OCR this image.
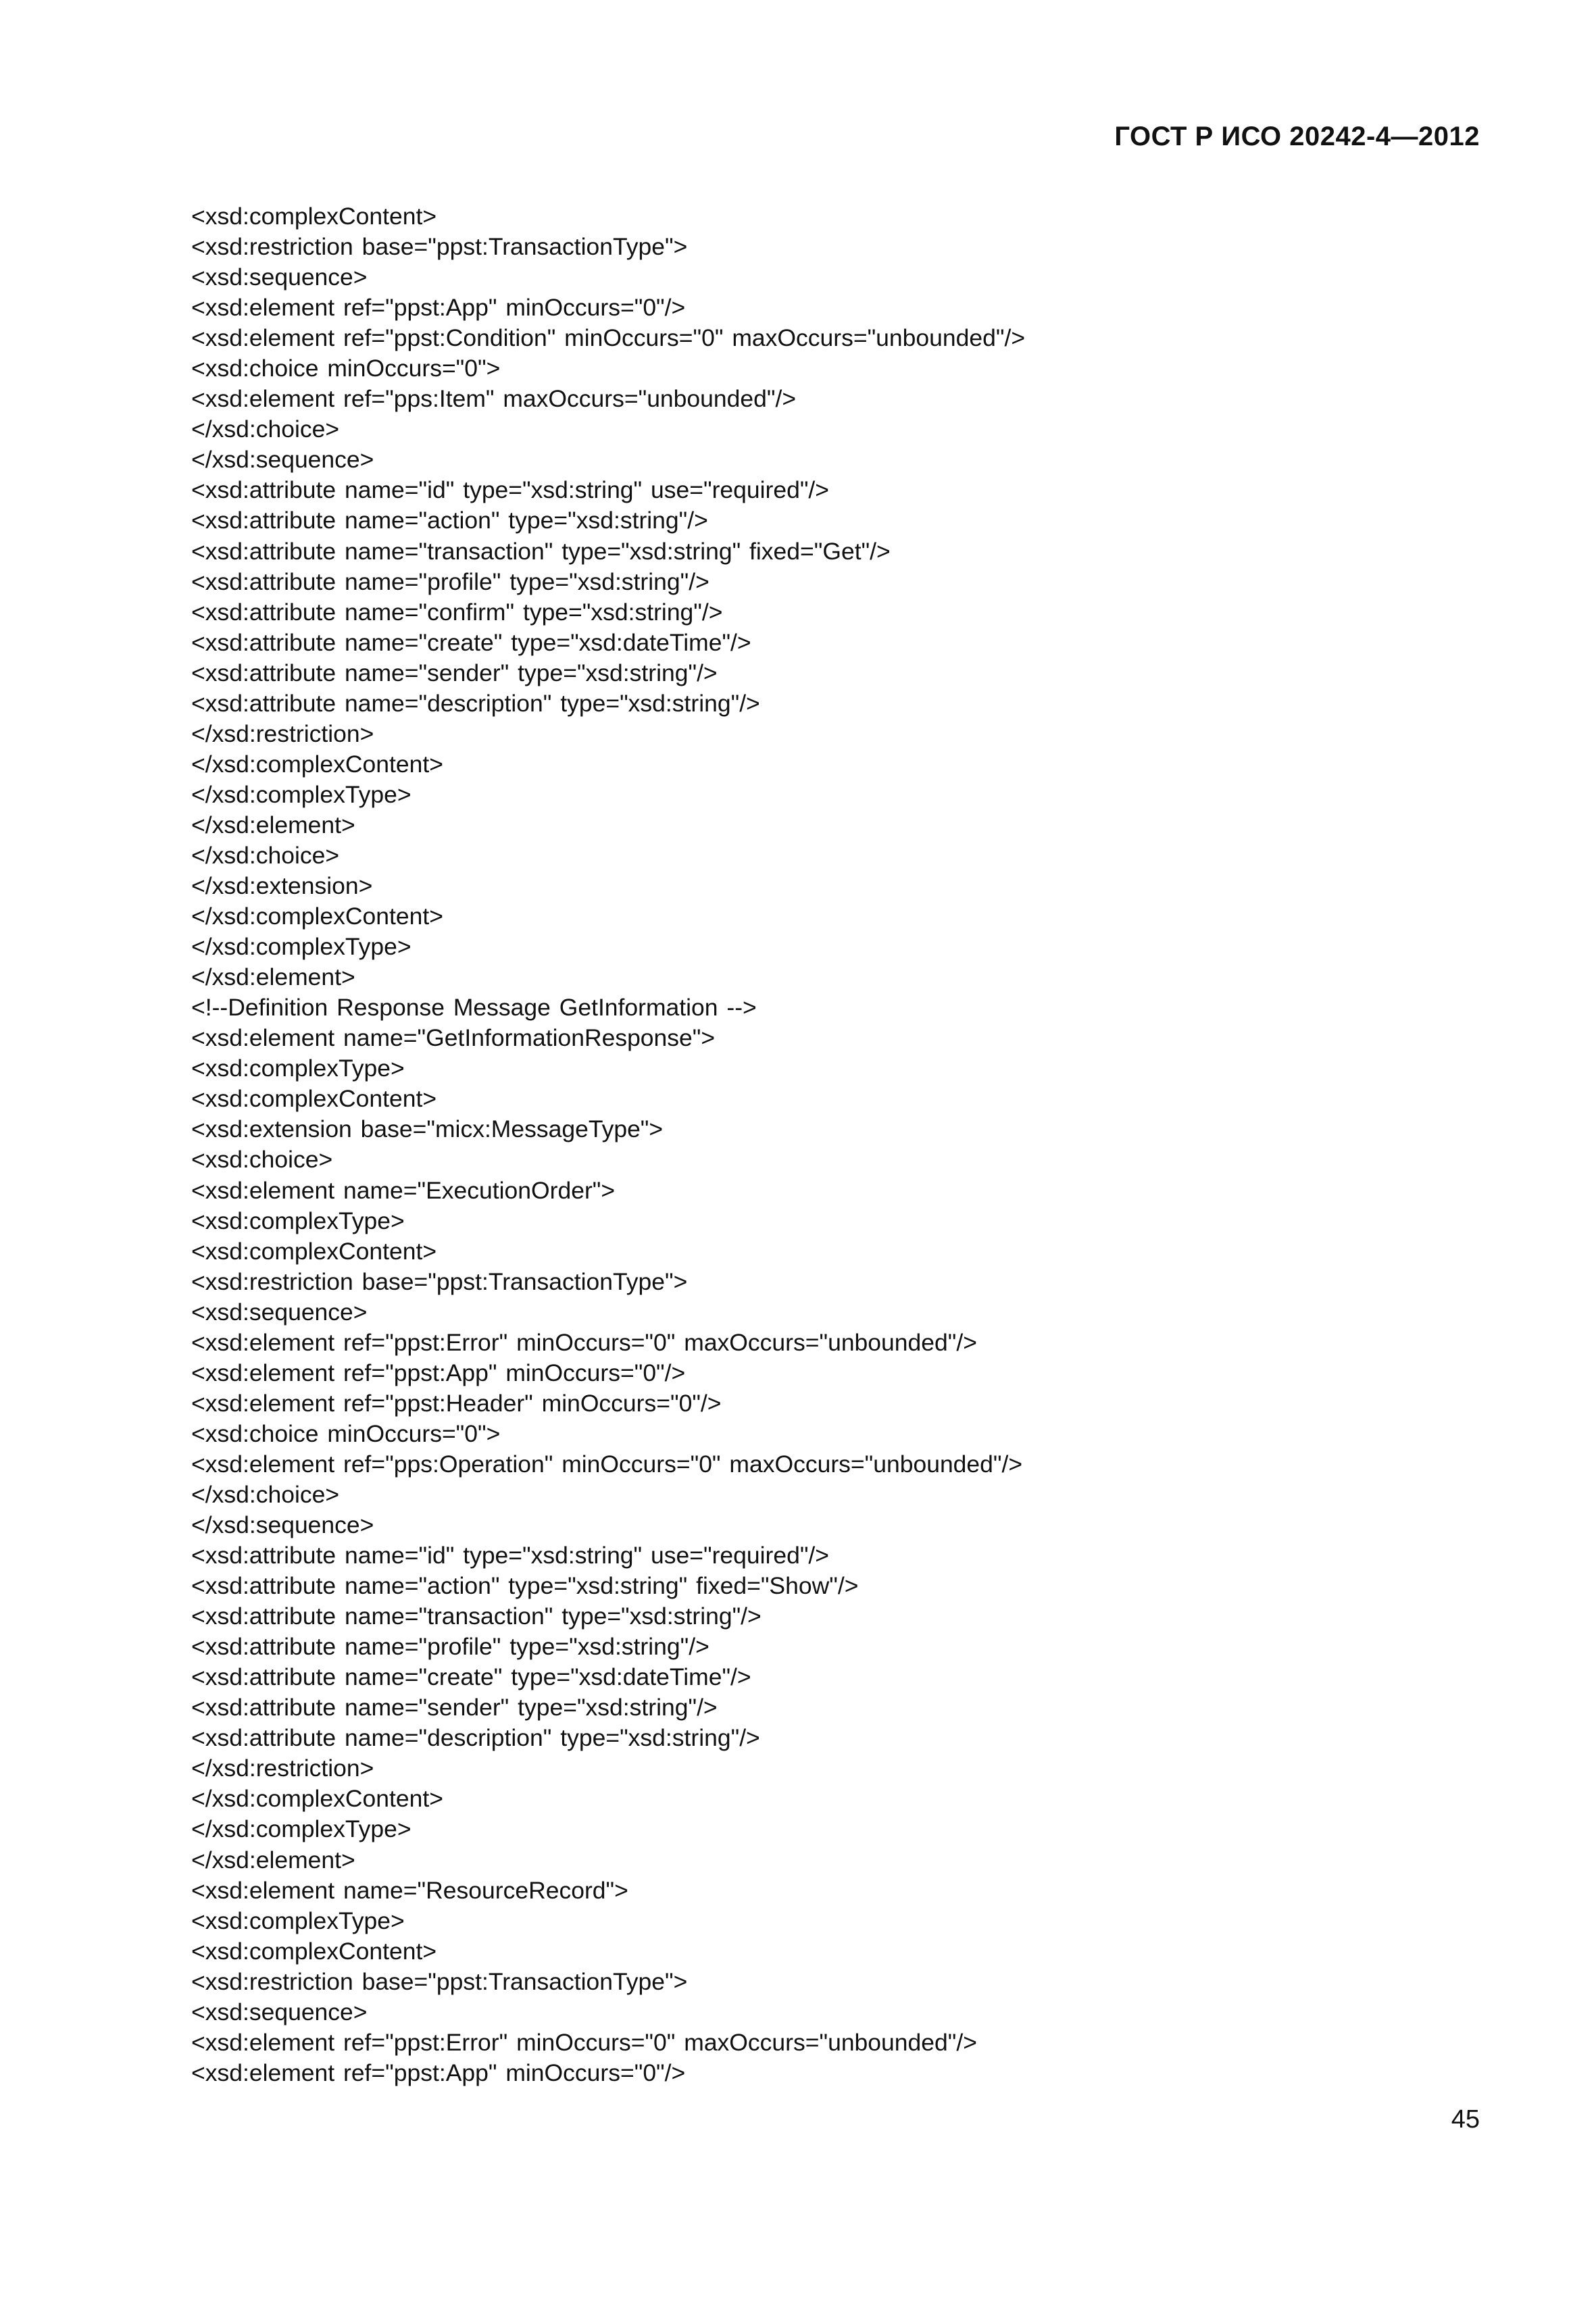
ГОСТ Р ИСО 20242-4—2012
<xsd:complexContent>
<xsd:restriction base="ppst:TransactionType">
<xsd:sequence>
<xsd:element ref="ppst:App" minOccurs="0"/>
<xsd:element ref="ppst:Condition" minOccurs="0" maxOccurs="unbounded"/>
<xsd:choice minOccurs="0">
<xsd:element ref="pps:Item" maxOccurs="unbounded"/>
</xsd:choice>
</xsd:sequence>
<xsd:attribute name="id" type="xsd:string" use="required"/>
<xsd:attribute name="action" type="xsd:string"/>
<xsd:attribute name="transaction" type="xsd:string" fixed="Get"/>
<xsd:attribute name="profile" type="xsd:string"/>
<xsd:attribute name="confirm" type="xsd:string"/>
<xsd:attribute name="create" type="xsd:dateTime"/>
<xsd:attribute name="sender" type="xsd:string"/>
<xsd:attribute name="description" type="xsd:string"/>
</xsd:restriction>
</xsd:complexContent>
</xsd:complexType>
</xsd:element>
</xsd:choice>
</xsd:extension>
</xsd:complexContent>
</xsd:complexType>
</xsd:element>
<!--Definition Response Message GetInformation -->
<xsd:element name="GetInformationResponse">
<xsd:complexType>
<xsd:complexContent>
<xsd:extension base="micx:MessageType">
<xsd:choice>
<xsd:element name="ExecutionOrder">
<xsd:complexType>
<xsd:complexContent>
<xsd:restriction base="ppst:TransactionType">
<xsd:sequence>
<xsd:element ref="ppst:Error" minOccurs="0" maxOccurs="unbounded"/>
<xsd:element ref="ppst:App" minOccurs="0"/>
<xsd:element ref="ppst:Header" minOccurs="0"/>
<xsd:choice minOccurs="0">
<xsd:element ref="pps:Operation" minOccurs="0" maxOccurs="unbounded"/>
</xsd:choice>
</xsd:sequence>
<xsd:attribute name="id" type="xsd:string" use="required"/>
<xsd:attribute name="action" type="xsd:string" fixed="Show"/>
<xsd:attribute name="transaction" type="xsd:string"/>
<xsd:attribute name="profile" type="xsd:string"/>
<xsd:attribute name="create" type="xsd:dateTime"/>
<xsd:attribute name="sender" type="xsd:string"/>
<xsd:attribute name="description" type="xsd:string"/>
</xsd:restriction>
</xsd:complexContent>
</xsd:complexType>
</xsd:element>
<xsd:element name="ResourceRecord">
<xsd:complexType>
<xsd:complexContent>
<xsd:restriction base="ppst:TransactionType">
<xsd:sequence>
<xsd:element ref="ppst:Error" minOccurs="0" maxOccurs="unbounded"/>
<xsd:element ref="ppst:App" minOccurs="0"/>
45
